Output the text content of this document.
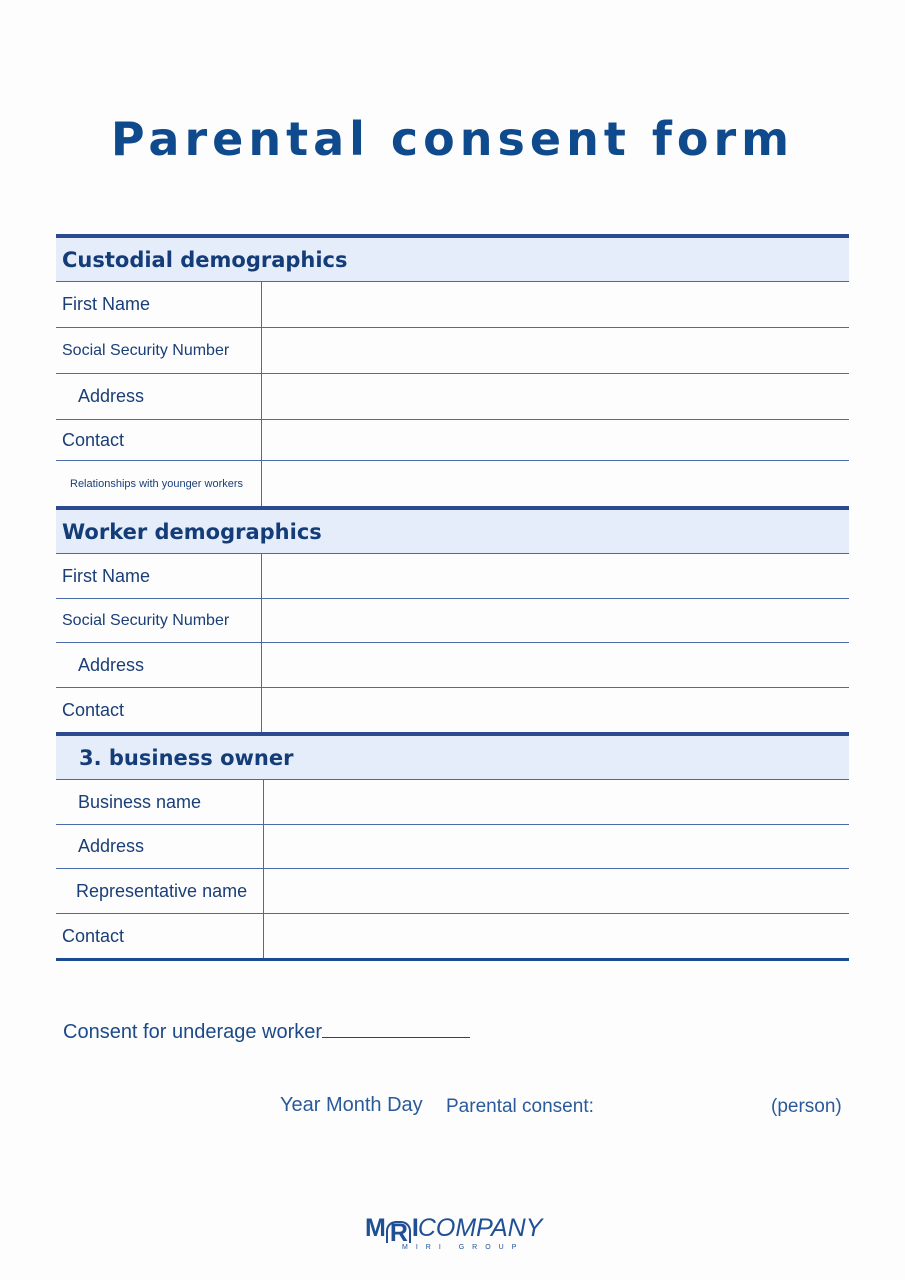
Parental consent form
Custodial demographics
First Name
Social Security Number
Address
Contact
Relationships with younger workers
Worker demographics
First Name
Social Security Number
Address
Contact
3. business owner
Business name
Address
Representative name
Contact
Consent for underage worker
Year Month Day Parental consent:	(person)
M R I COMPANY
MIRI GROUP
